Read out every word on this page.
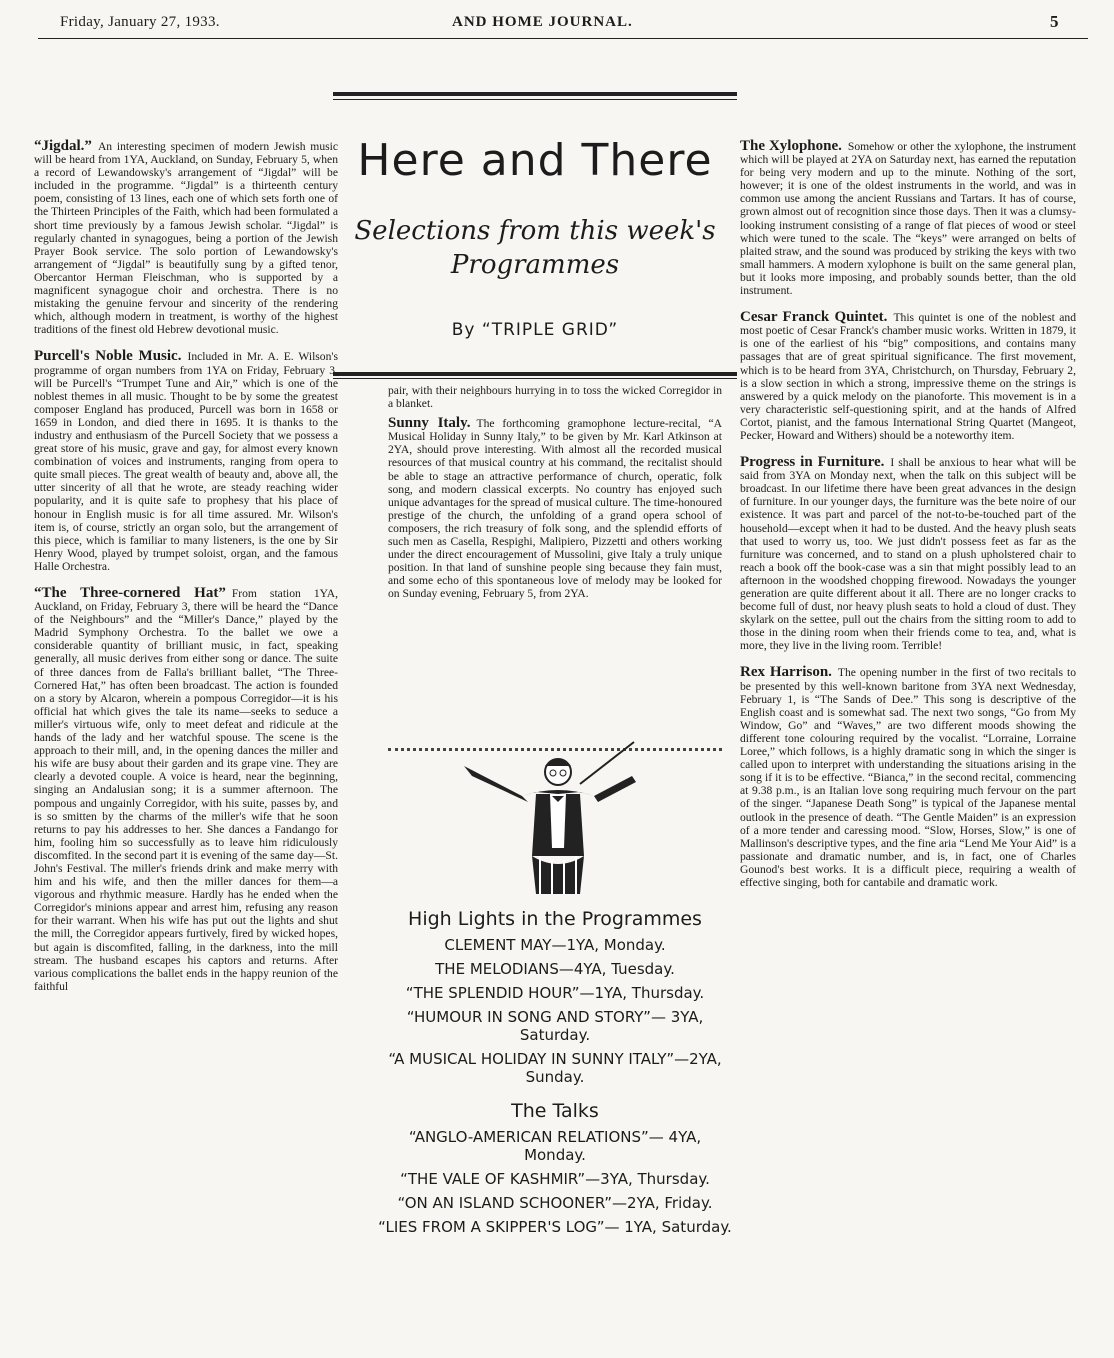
Friday, January 27, 1933.	AND HOME JOURNAL.	5
Here and There
Selections from this week's Programmes
By “TRIPLE GRID”

“Jigdal.” An interesting specimen of modern Jewish music will be heard from 1YA, Auckland, on Sunday, February 5, when a record of Lewandowsky's arrangement of “Jigdal” will be included in the programme. “Jigdal” is a thirteenth century poem, consisting of 13 lines, each one of which sets forth one of the Thirteen Principles of the Faith, which had been formulated a short time previously by a famous Jewish scholar. “Jigdal” is regularly chanted in synagogues, being a portion of the Jewish Prayer Book service. The solo portion of Lewandowsky's arrangement of “Jigdal” is beautifully sung by a gifted tenor, Obercantor Herman Fleischman, who is supported by a magnificent synagogue choir and orchestra. There is no mistaking the genuine fervour and sincerity of the rendering which, although modern in treatment, is worthy of the highest traditions of the finest old Hebrew devotional music.

Purcell's Noble Music. Included in Mr. A. E. Wilson's programme of organ numbers from 1YA on Friday, February 3, will be Purcell's “Trumpet Tune and Air,” which is one of the noblest themes in all music. Thought to be by some the greatest composer England has produced, Purcell was born in 1658 or 1659 in London, and died there in 1695. It is thanks to the industry and enthusiasm of the Purcell Society that we possess a great store of his music, grave and gay, for almost every known combination of voices and instruments, ranging from opera to quite small pieces. The great wealth of beauty and, above all, the utter sincerity of all that he wrote, are steady reaching wider popularity, and it is quite safe to prophesy that his place of honour in English music is for all time assured. Mr. Wilson's item is, of course, strictly an organ solo, but the arrangement of this piece, which is familiar to many listeners, is the one by Sir Henry Wood, played by trumpet soloist, organ, and the famous Halle Orchestra.

“The Three-cornered Hat” From station 1YA, Auckland, on Friday, February 3, there will be heard the “Dance of the Neighbours” and the “Miller's Dance,” played by the Madrid Symphony Orchestra. To the ballet we owe a considerable quantity of brilliant music, in fact, speaking generally, all music derives from either song or dance. The suite of three dances from de Falla's brilliant ballet, “The Three-Cornered Hat,” has often been broadcast. The action is founded on a story by Alcaron, wherein a pompous Corregidor—it is his official hat which gives the tale its name—seeks to seduce a miller's virtuous wife, only to meet defeat and ridicule at the hands of the lady and her watchful spouse. The scene is the approach to their mill, and, in the opening dances the miller and his wife are busy about their garden and its grape vine. They are clearly a devoted couple. A voice is heard, near the beginning, singing an Andalusian song; it is a summer afternoon. The pompous and ungainly Corregidor, with his suite, passes by, and is so smitten by the charms of the miller's wife that he soon returns to pay his addresses to her. She dances a Fandango for him, fooling him so successfully as to leave him ridiculously discomfited. In the second part it is evening of the same day—St. John's Festival. The miller's friends drink and make merry with him and his wife, and then the miller dances for them—a vigorous and rhythmic measure. Hardly has he ended when the Corregidor's minions appear and arrest him, refusing any reason for their warrant. When his wife has put out the lights and shut the mill, the Corregidor appears furtively, fired by wicked hopes, but again is discomfited, falling, in the darkness, into the mill stream. The husband escapes his captors and returns. After various complications the ballet ends in the happy reunion of the faithful

pair, with their neighbours hurrying in to toss the wicked Corregidor in a blanket.

Sunny Italy. The forthcoming gramophone lecture-recital, “A Musical Holiday in Sunny Italy,” to be given by Mr. Karl Atkinson at 2YA, should prove interesting. With almost all the recorded musical resources of that musical country at his command, the recitalist should be able to stage an attractive performance of church, operatic, folk song, and modern classical excerpts. No country has enjoyed such unique advantages for the spread of musical culture. The time-honoured prestige of the church, the unfolding of a grand opera school of composers, the rich treasury of folk song, and the splendid efforts of such men as Casella, Respighi, Malipiero, Pizzetti and others working under the direct encouragement of Mussolini, give Italy a truly unique position. In that land of sunshine people sing because they fain must, and some echo of this spontaneous love of melody may be looked for on Sunday evening, February 5, from 2YA.

High Lights in the Programmes
CLEMENT MAY—1YA, Monday.
THE MELODIANS—4YA, Tuesday.
“THE SPLENDID HOUR”—1YA, Thursday.
“HUMOUR IN SONG AND STORY”— 3YA, Saturday.
“A MUSICAL HOLIDAY IN SUNNY ITALY”—2YA, Sunday.
The Talks
“ANGLO-AMERICAN RELATIONS”— 4YA, Monday.
“THE VALE OF KASHMIR”—3YA, Thursday.
“ON AN ISLAND SCHOONER”—2YA, Friday.
“LIES FROM A SKIPPER'S LOG”— 1YA, Saturday.

The Xylophone. Somehow or other the xylophone, the instrument which will be played at 2YA on Saturday next, has earned the reputation for being very modern and up to the minute. Nothing of the sort, however; it is one of the oldest instruments in the world, and was in common use among the ancient Russians and Tartars. It has of course, grown almost out of recognition since those days. Then it was a clumsy-looking instrument consisting of a range of flat pieces of wood or steel which were tuned to the scale. The “keys” were arranged on belts of plaited straw, and the sound was produced by striking the keys with two small hammers. A modern xylophone is built on the same general plan, but it looks more imposing, and probably sounds better, than the old instrument.

Cesar Franck Quintet. This quintet is one of the noblest and most poetic of Cesar Franck's chamber music works. Written in 1879, it is one of the earliest of his “big” compositions, and contains many passages that are of great spiritual significance. The first movement, which is to be heard from 3YA, Christchurch, on Thursday, February 2, is a slow section in which a strong, impressive theme on the strings is answered by a quick melody on the pianoforte. This movement is in a very characteristic self-questioning spirit, and at the hands of Alfred Cortot, pianist, and the famous International String Quartet (Mangeot, Pecker, Howard and Withers) should be a noteworthy item.

Progress in Furniture. I shall be anxious to hear what will be said from 3YA on Monday next, when the talk on this subject will be broadcast. In our lifetime there have been great advances in the design of furniture. In our younger days, the furniture was the bete noire of our existence. It was part and parcel of the not-to-be-touched part of the household—except when it had to be dusted. And the heavy plush seats that used to worry us, too. We just didn't possess feet as far as the furniture was concerned, and to stand on a plush upholstered chair to reach a book off the book-case was a sin that might possibly lead to an afternoon in the woodshed chopping firewood. Nowadays the younger generation are quite different about it all. There are no longer cracks to become full of dust, nor heavy plush seats to hold a cloud of dust. They skylark on the settee, pull out the chairs from the sitting room to add to those in the dining room when their friends come to tea, and, what is more, they live in the living room. Terrible!

Rex Harrison. The opening number in the first of two recitals to be presented by this well-known baritone from 3YA next Wednesday, February 1, is “The Sands of Dee.” This song is descriptive of the English coast and is somewhat sad. The next two songs, “Go from My Window, Go” and “Waves,” are two different moods showing the different tone colouring required by the vocalist. “Lorraine, Lorraine Loree,” which follows, is a highly dramatic song in which the singer is called upon to interpret with understanding the situations arising in the song if it is to be effective. “Bianca,” in the second recital, commencing at 9.38 p.m., is an Italian love song requiring much fervour on the part of the singer. “Japanese Death Song” is typical of the Japanese mental outlook in the presence of death. “The Gentle Maiden” is an expression of a more tender and caressing mood. “Slow, Horses, Slow,” is one of Mallinson's descriptive types, and the fine aria “Lend Me Your Aid” is a passionate and dramatic number, and is, in fact, one of Charles Gounod's best works. It is a difficult piece, requiring a wealth of effective singing, both for cantabile and dramatic work.
